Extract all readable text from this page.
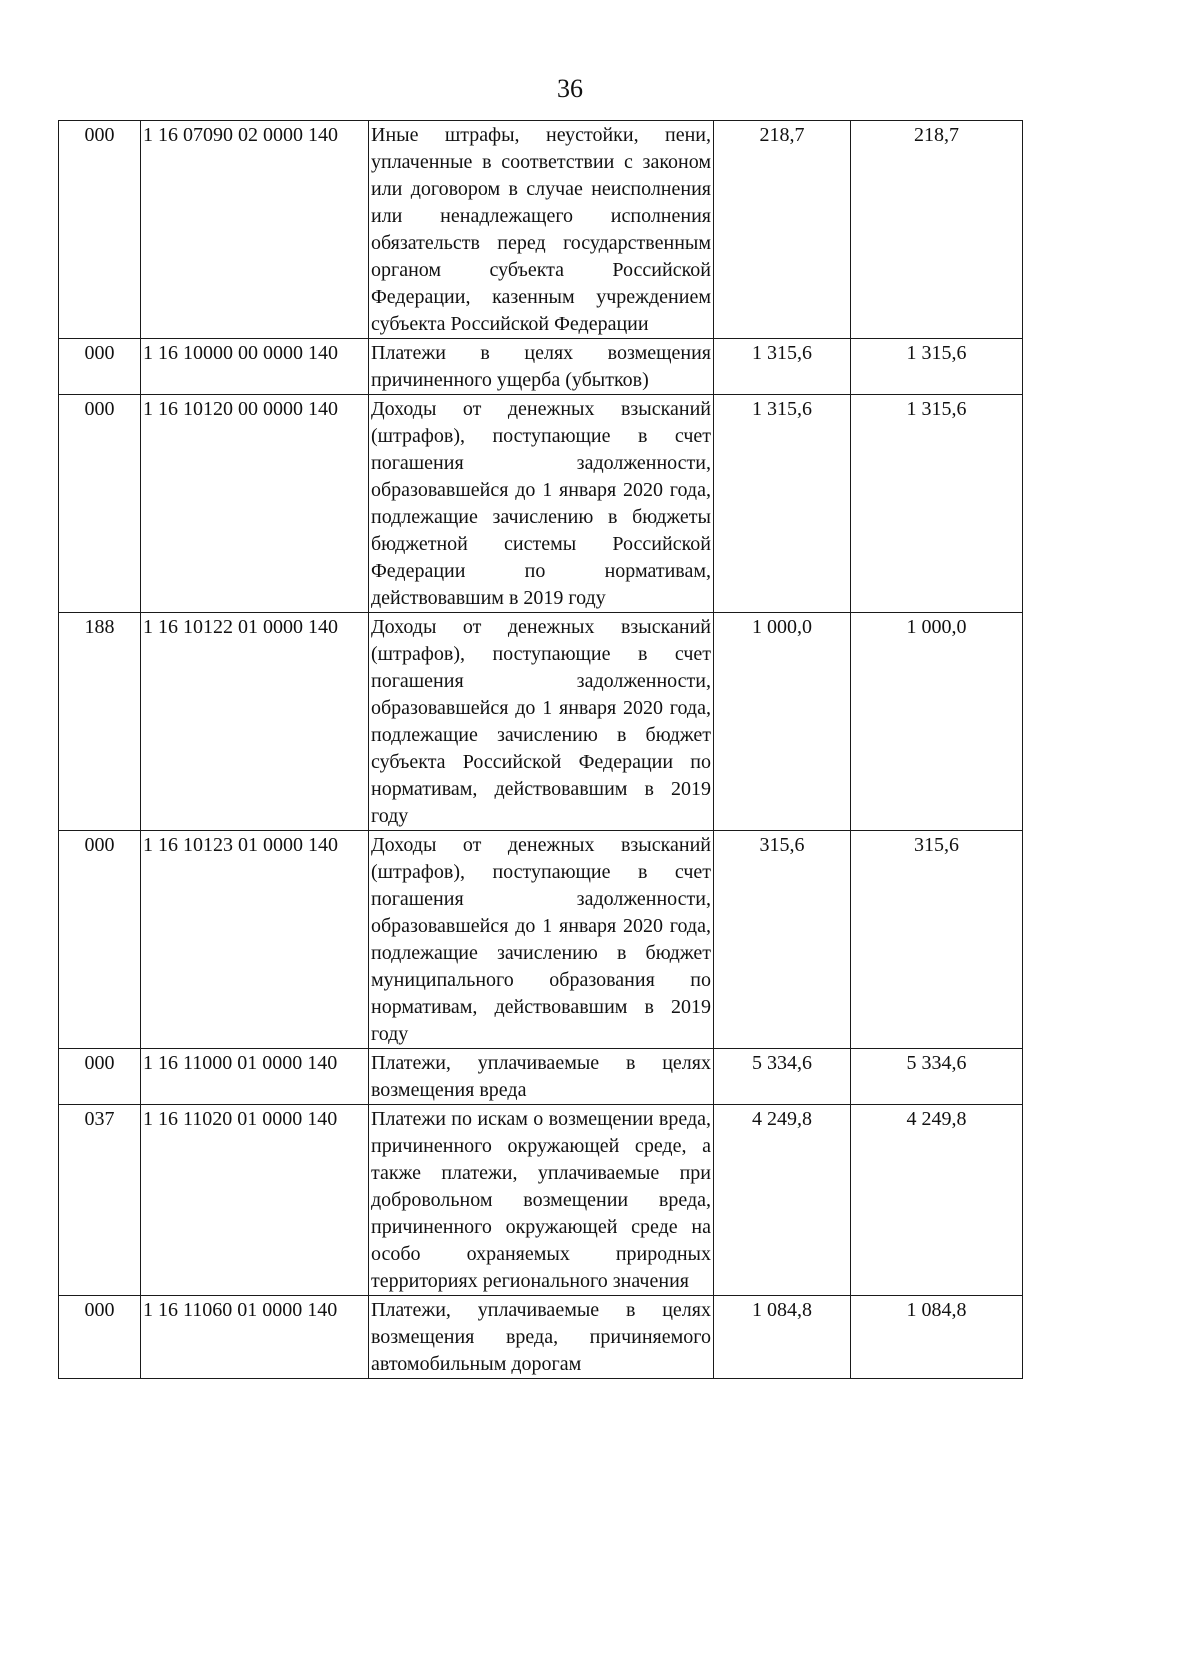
36
000	1 16 07090 02 0000 140	Иные штрафы, неустойки, пени, уплаченные в соответствии с законом или договором в случае неисполнения или ненадлежащего исполнения обязательств перед государственным органом субъекта Российской Федерации, казенным учреждением субъекта Российской Федерации	218,7	218,7
000	1 16 10000 00 0000 140	Платежи в целях возмещения причиненного ущерба (убытков)	1 315,6	1 315,6
000	1 16 10120 00 0000 140	Доходы от денежных взысканий (штрафов), поступающие в счет погашения задолженности, образовавшейся до 1 января 2020 года, подлежащие зачислению в бюджеты бюджетной системы Российской Федерации по нормативам, действовавшим в 2019 году	1 315,6	1 315,6
188	1 16 10122 01 0000 140	Доходы от денежных взысканий (штрафов), поступающие в счет погашения задолженности, образовавшейся до 1 января 2020 года, подлежащие зачислению в бюджет субъекта Российской Федерации по нормативам, действовавшим в 2019 году	1 000,0	1 000,0
000	1 16 10123 01 0000 140	Доходы от денежных взысканий (штрафов), поступающие в счет погашения задолженности, образовавшейся до 1 января 2020 года, подлежащие зачислению в бюджет муниципального образования по нормативам, действовавшим в 2019 году	315,6	315,6
000	1 16 11000 01 0000 140	Платежи, уплачиваемые в целях возмещения вреда	5 334,6	5 334,6
037	1 16 11020 01 0000 140	Платежи по искам о возмещении вреда, причиненного окружающей среде, а также платежи, уплачиваемые при добровольном возмещении вреда, причиненного окружающей среде на особо охраняемых природных территориях регионального значения	4 249,8	4 249,8
000	1 16 11060 01 0000 140	Платежи, уплачиваемые в целях возмещения вреда, причиняемого автомобильным дорогам	1 084,8	1 084,8
